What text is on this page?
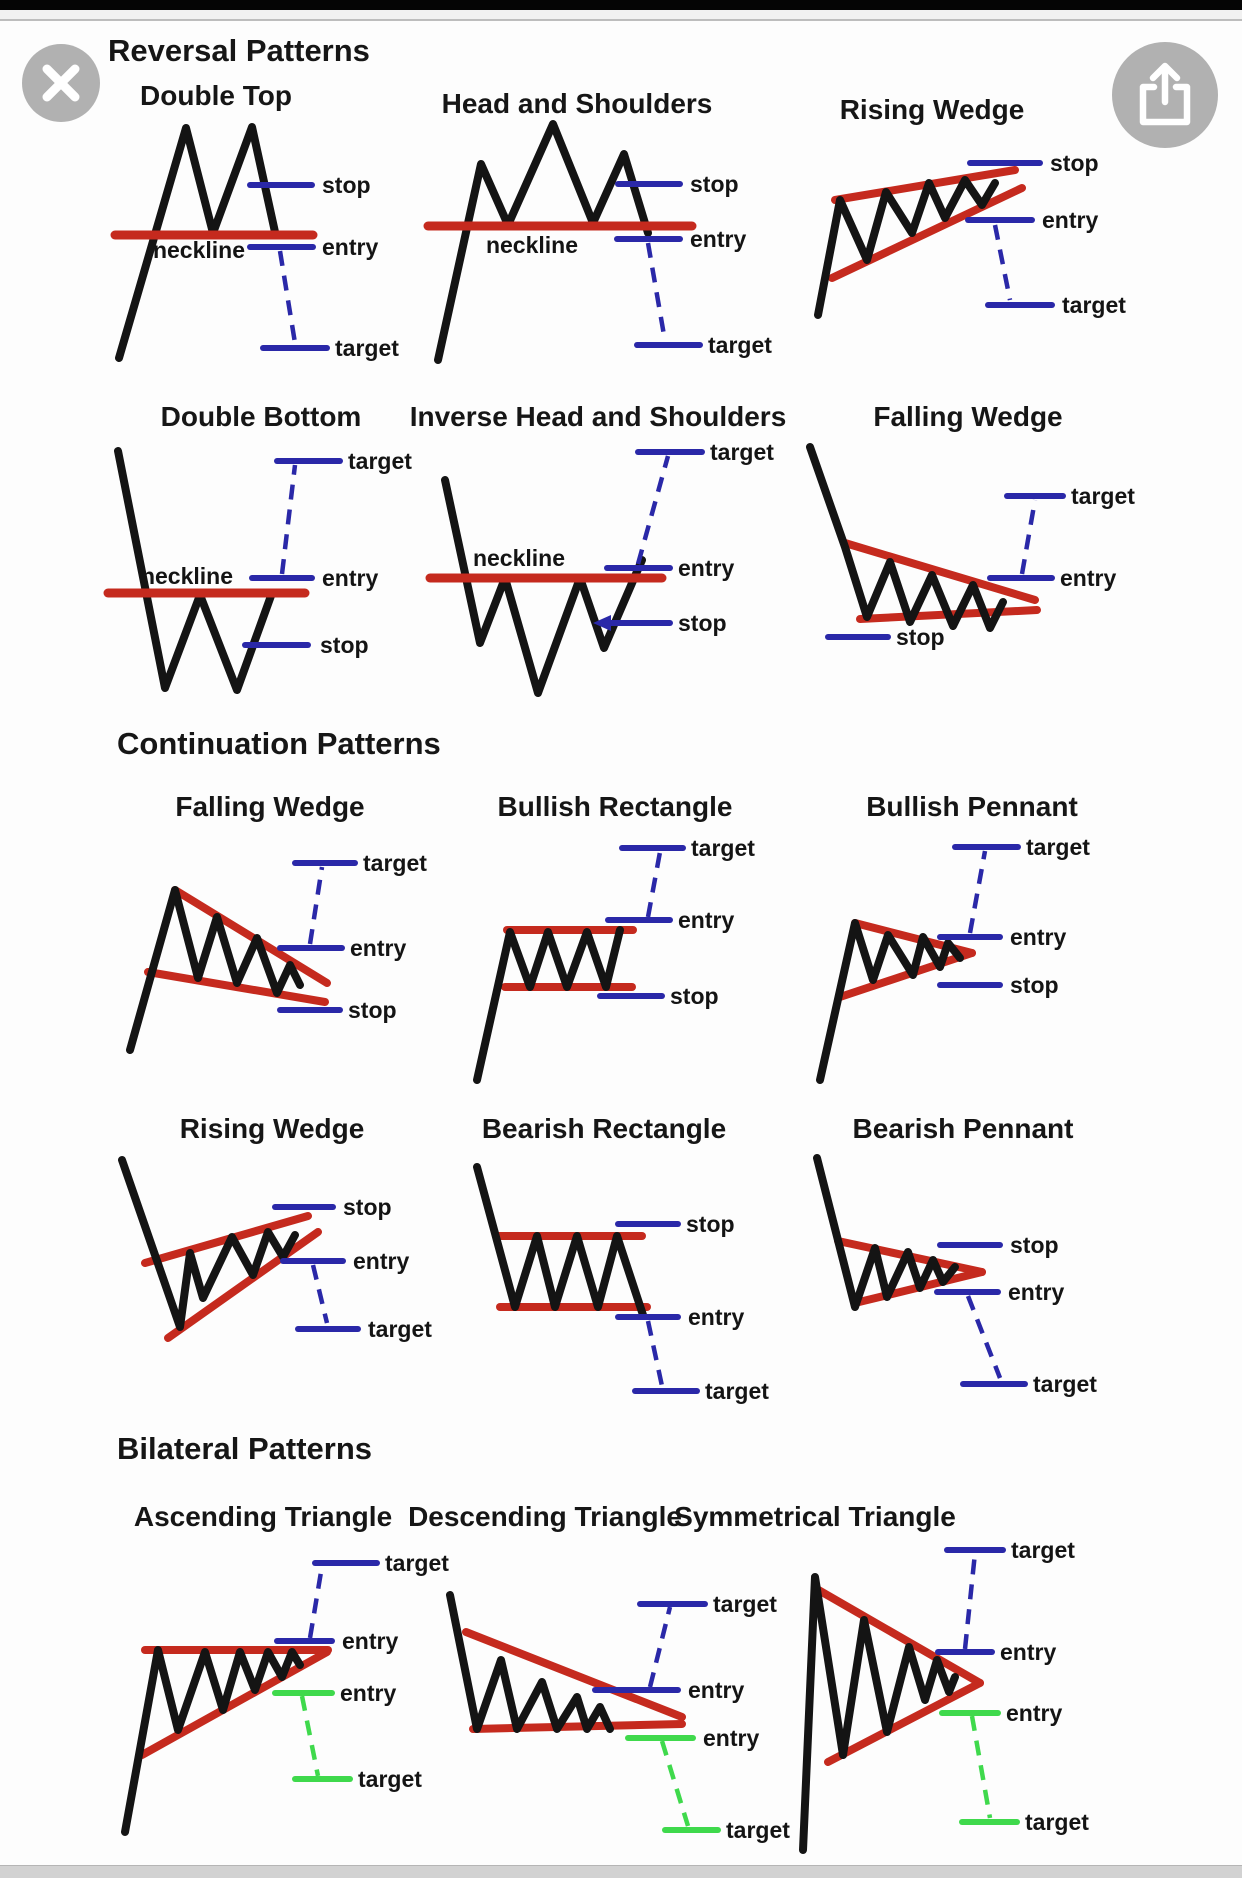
Reversal Patterns
Continuation Patterns
Bilateral Patterns
Double Top	Head and Shoulders	Rising Wedge
Double Bottom Inverse Head and Shoulders	Falling Wedge
Falling Wedge	Bullish Rectangle	Bullish Pennant
Rising Wedge	Bearish Rectangle	Bearish Pennant
Ascending Triangle Descending Triangle
Symmetrical Triangle
neckline
stop
entry
target
neckline
stop
entry
target
stop
entry
target
neckline
target
entry
stop
neckline
target
entry
stop
target
entry
stop
target
entry
stop
target
entry
stop
target
entry
stop
stop
entry
target
stop
entry
target
stop
entry
target
target
entry
entry
target
target
entry
entry
target
target
entry
entry
target
